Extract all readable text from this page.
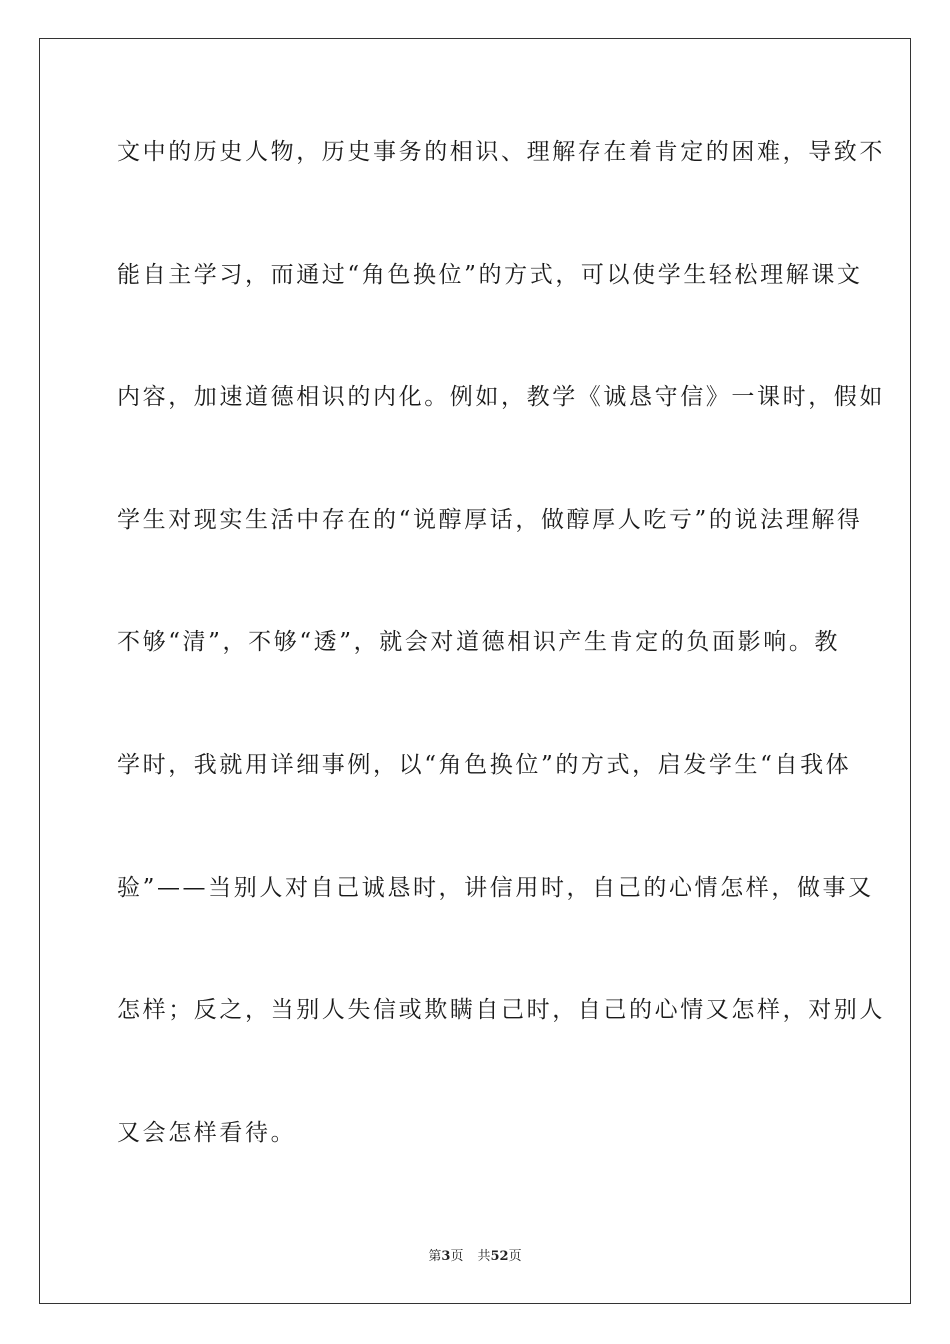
文中的历史人物，历史事务的相识、理解存在着肯定的困难，导致不
能自主学习，而通过“角色换位”的方式，可以使学生轻松理解课文
内容，加速道德相识的内化。例如，教学《诚恳守信》一课时，假如
学生对现实生活中存在的“说醇厚话，做醇厚人吃亏”的说法理解得
不够“清”，不够“透”，就会对道德相识产生肯定的负面影响。教
学时，我就用详细事例，以“角色换位”的方式，启发学生“自我体
验”——当别人对自己诚恳时，讲信用时，自己的心情怎样，做事又
怎样；反之，当别人失信或欺瞒自己时，自己的心情又怎样，对别人
又会怎样看待。
第3页 共52页
